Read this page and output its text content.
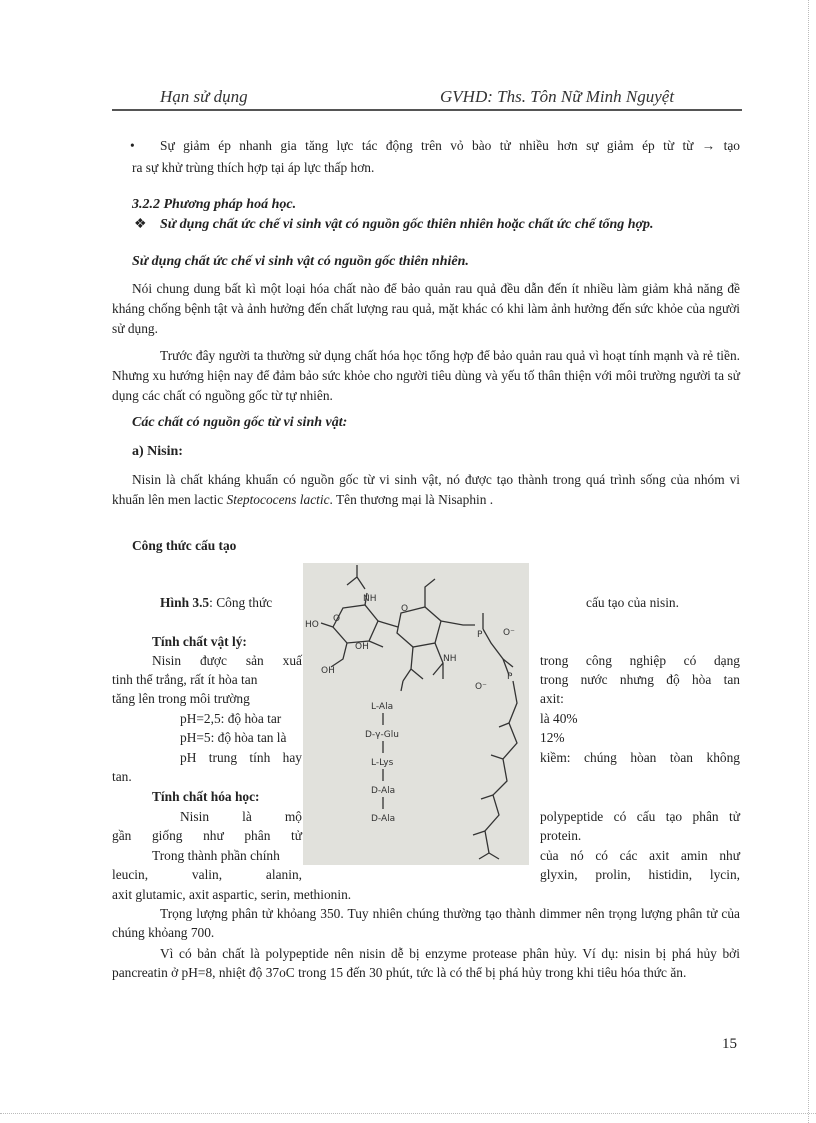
Hạn sử dụng	GVHD: Ths. Tôn Nữ Minh Nguyệt
• Sự giảm ép nhanh gia tăng lực tác động trên vỏ bào tử nhiều hơn sự giảm ép từ từ → tạo
ra sự khử trùng thích hợp tại áp lực thấp hơn.
3.2.2 Phương pháp hoá học.
❖ Sử dụng chất ức chế vi sinh vật có nguồn gốc thiên nhiên hoặc chất ức chế tổng hợp.
Sử dụng chất ức chế vi sinh vật có nguồn gốc thiên nhiên.
Nói chung dung bất kì một loại hóa chất nào để bảo quản rau quả đều dẫn đến ít nhiều làm giảm khả năng đề kháng chống bệnh tật và ảnh hưởng đến chất lượng rau quả, mặt khác có khi làm ảnh hưởng đến sức khỏe của người sử dụng.
Trước đây người ta thường sử dụng chất hóa học tổng hợp để bảo quản rau quả vì hoạt tính mạnh và rẻ tiền. Nhưng xu hướng hiện nay để đảm bảo sức khỏe cho người tiêu dùng và yếu tố thân thiện với môi trường người ta sử dụng các chất có nguồng gốc từ tự nhiên.
Các chất có nguồn gốc từ vi sinh vật:
a) Nisin:
Nisin là chất kháng khuẩn có nguồn gốc từ vi sinh vật, nó được tạo thành trong quá trình sống của nhóm vi khuẩn lên men lactic Steptococens lactic. Tên thương mại là Nisaphin .
Công thức cấu tạo
NH
NH
P
P
O
O
HO
OH
OH
O⁻
O⁻
L-Ala
D-γ-Glu
L-Lys
D-Ala
D-Ala
Hình 3.5: Công thức	cấu tạo của nisin.
Tính chất vật lý:
Nisin được sản xuấ	trong công nghiệp có dạng
tinh thể trắng, rất ít hòa tan	trong nước nhưng độ hòa tan
tăng lên trong môi trường	axit:
pH=2,5: độ hòa tar	là 40%
pH=5: độ hòa tan là	12%
pH trung tính hay	kiềm: chúng hòan tòan không
tan.
Tính chất hóa học:
Nisin là mộ	polypeptide có cấu tạo phân tử
gần giống như phân tử	protein.
Trong thành phần chính	của nó có các axit amin như
leucin, valin, alanin,	glyxin, prolin, histidin, lycin,
axit glutamic, axit aspartic, serin, methionin.
Trọng lượng phân tử khỏang 350. Tuy nhiên chúng thường tạo thành dimmer nên trọng lượng phân tử của chúng khỏang 700.
Vì có bản chất là polypeptide nên nisin dễ bị enzyme protease phân hủy. Ví dụ: nisin bị phá hủy bởi pancreatin ở pH=8, nhiệt độ 37oC trong 15 đến 30 phút, tức là có thể bị phá hủy trong khi tiêu hóa thức ăn.
15
